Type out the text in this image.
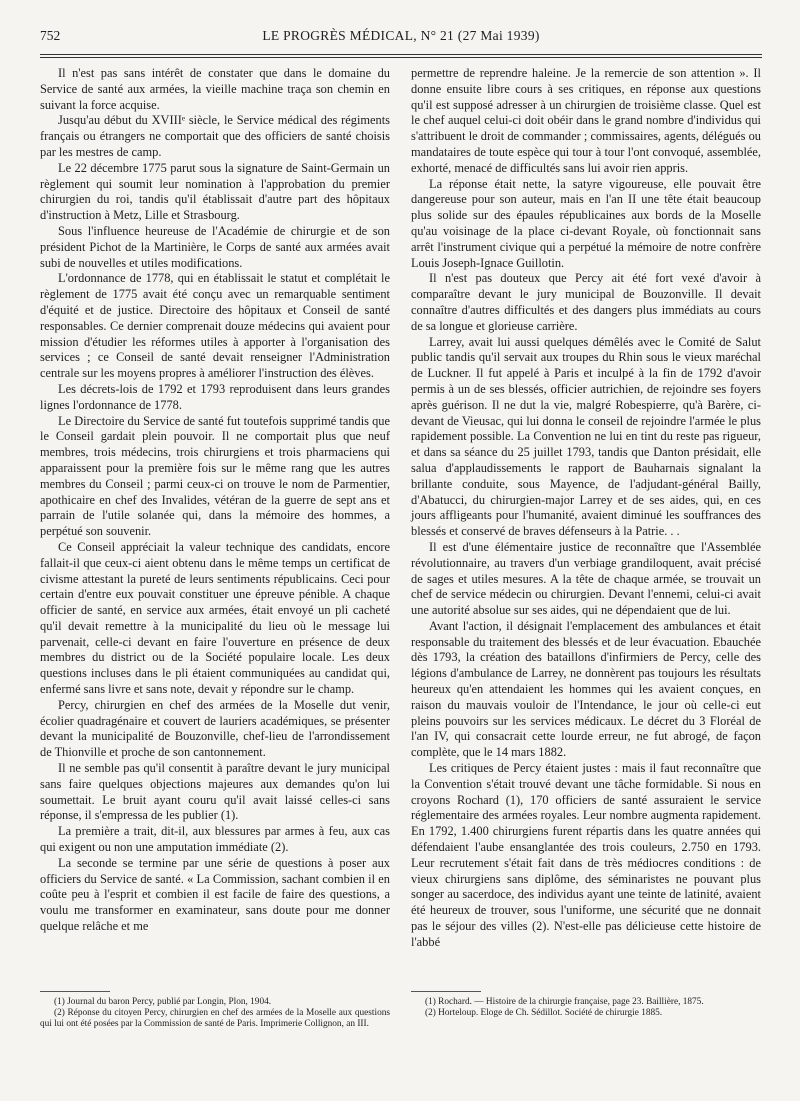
752	LE PROGRÈS MÉDICAL, N° 21 (27 Mai 1939)

Il n'est pas sans intérêt de constater que dans le domaine du Service de santé aux armées, la vieille machine traça son chemin en suivant la force acquise.

Jusqu'au début du XVIIIᵉ siècle, le Service médical des régiments français ou étrangers ne comportait que des officiers de santé choisis par les mestres de camp.

Le 22 décembre 1775 parut sous la signature de Saint-Germain un règlement qui soumit leur nomination à l'approbation du premier chirurgien du roi, tandis qu'il établissait d'autre part des hôpitaux d'instruction à Metz, Lille et Strasbourg.

Sous l'influence heureuse de l'Académie de chirurgie et de son président Pichot de la Martinière, le Corps de santé aux armées avait subi de nouvelles et utiles modifications.

L'ordonnance de 1778, qui en établissait le statut et complétait le règlement de 1775 avait été conçu avec un remarquable sentiment d'équité et de justice. Directoire des hôpitaux et Conseil de santé responsables. Ce dernier comprenait douze médecins qui avaient pour mission d'étudier les réformes utiles à apporter à l'organisation des services ; ce Conseil de santé devait renseigner l'Administration centrale sur les moyens propres à améliorer l'instruction des élèves.

Les décrets-lois de 1792 et 1793 reproduisent dans leurs grandes lignes l'ordonnance de 1778.

Le Directoire du Service de santé fut toutefois supprimé tandis que le Conseil gardait plein pouvoir. Il ne comportait plus que neuf membres, trois médecins, trois chirurgiens et trois pharmaciens qui apparaissent pour la première fois sur le même rang que les autres membres du Conseil ; parmi ceux-ci on trouve le nom de Parmentier, apothicaire en chef des Invalides, vétéran de la guerre de sept ans et parrain de l'utile solanée qui, dans la mémoire des hommes, a perpétué son souvenir.

Ce Conseil appréciait la valeur technique des candidats, encore fallait-il que ceux-ci aient obtenu dans le même temps un certificat de civisme attestant la pureté de leurs sentiments républicains. Ceci pour certain d'entre eux pouvait constituer une épreuve pénible. A chaque officier de santé, en service aux armées, était envoyé un pli cacheté qu'il devait remettre à la municipalité du lieu où le message lui parvenait, celle-ci devant en faire l'ouverture en présence de deux membres du district ou de la Société populaire locale. Les deux questions incluses dans le pli étaient communiquées au candidat qui, enfermé sans livre et sans note, devait y répondre sur le champ.

Percy, chirurgien en chef des armées de la Moselle dut venir, écolier quadragénaire et couvert de lauriers académiques, se présenter devant la municipalité de Bouzonville, chef-lieu de l'arrondissement de Thionville et proche de son cantonnement.

Il ne semble pas qu'il consentit à paraître devant le jury municipal sans faire quelques objections majeures aux demandes qu'on lui soumettait. Le bruit ayant couru qu'il avait laissé celles-ci sans réponse, il s'empressa de les publier (1).

La première a trait, dit-il, aux blessures par armes à feu, aux cas qui exigent ou non une amputation immédiate (2).

La seconde se termine par une série de questions à poser aux officiers du Service de santé. « La Commission, sachant combien il en coûte peu à l'esprit et combien il est facile de faire des questions, a voulu me transformer en examinateur, sans doute pour me donner quelque relâche et me

permettre de reprendre haleine. Je la remercie de son attention ». Il donne ensuite libre cours à ses critiques, en réponse aux questions qu'il est supposé adresser à un chirurgien de troisième classe. Quel est le chef auquel celui-ci doit obéir dans le grand nombre d'individus qui s'attribuent le droit de commander ; commissaires, agents, délégués ou mandataires de toute espèce qui tour à tour l'ont convoqué, assemblée, exhorté, menacé de difficultés sans lui avoir rien appris.

La réponse était nette, la satyre vigoureuse, elle pouvait être dangereuse pour son auteur, mais en l'an II une tête était beaucoup plus solide sur des épaules républicaines aux bords de la Moselle qu'au voisinage de la place ci-devant Royale, où fonctionnait sans arrêt l'instrument civique qui a perpétué la mémoire de notre confrère Louis Joseph-Ignace Guillotin.

Il n'est pas douteux que Percy ait été fort vexé d'avoir à comparaître devant le jury municipal de Bouzonville. Il devait connaître d'autres difficultés et des dangers plus immédiats au cours de sa longue et glorieuse carrière.

Larrey, avait lui aussi quelques démêlés avec le Comité de Salut public tandis qu'il servait aux troupes du Rhin sous le vieux maréchal de Luckner. Il fut appelé à Paris et inculpé à la fin de 1792 d'avoir permis à un de ses blessés, officier autrichien, de rejoindre ses foyers après guérison. Il ne dut la vie, malgré Robespierre, qu'à Barère, ci-devant de Vieusac, qui lui donna le conseil de rejoindre l'armée le plus rapidement possible. La Convention ne lui en tint du reste pas rigueur, et dans sa séance du 25 juillet 1793, tandis que Danton présidait, elle salua d'applaudissements le rapport de Bauharnais signalant la brillante conduite, sous Mayence, de l'adjudant-général Bailly, d'Abatucci, du chirurgien-major Larrey et de ses aides, qui, en ces jours affligeants pour l'humanité, avaient diminué les souffrances des blessés et conservé de braves défenseurs à la Patrie. . .

Il est d'une élémentaire justice de reconnaître que l'Assemblée révolutionnaire, au travers d'un verbiage grandiloquent, avait précisé de sages et utiles mesures. A la tête de chaque armée, se trouvait un chef de service médecin ou chirurgien. Devant l'ennemi, celui-ci avait une autorité absolue sur ses aides, qui ne dépendaient que de lui.

Avant l'action, il désignait l'emplacement des ambulances et était responsable du traitement des blessés et de leur évacuation. Ebauchée dès 1793, la création des bataillons d'infirmiers de Percy, celle des légions d'ambulance de Larrey, ne donnèrent pas toujours les résultats heureux qu'en attendaient les hommes qui les avaient conçues, en raison du mauvais vouloir de l'Intendance, le jour où celle-ci eut pleins pouvoirs sur les services médicaux. Le décret du 3 Floréal de l'an IV, qui consacrait cette lourde erreur, ne fut abrogé, de façon complète, que le 14 mars 1882.

Les critiques de Percy étaient justes : mais il faut reconnaître que la Convention s'était trouvé devant une tâche formidable. Si nous en croyons Rochard (1), 170 officiers de santé assuraient le service réglementaire des armées royales. Leur nombre augmenta rapidement. En 1792, 1.400 chirurgiens furent répartis dans les quatre années qui défendaient l'aube ensanglantée des trois couleurs, 2.750 en 1793. Leur recrutement s'était fait dans de très médiocres conditions : de vieux chirurgiens sans diplôme, des séminaristes ne pouvant plus songer au sacerdoce, des individus ayant une teinte de latinité, avaient été heureux de trouver, sous l'uniforme, une sécurité que ne donnait pas le séjour des villes (2). N'est-elle pas délicieuse cette histoire de l'abbé

(1) Journal du baron Percy, publié par Longin, Plon, 1904.

(2) Réponse du citoyen Percy, chirurgien en chef des armées de la Moselle aux questions qui lui ont été posées par la Commission de santé de Paris. Imprimerie Collignon, an III.

(1) Rochard. — Histoire de la chirurgie française, page 23. Baillière, 1875.

(2) Horteloup. Eloge de Ch. Sédillot. Société de chirurgie 1885.
